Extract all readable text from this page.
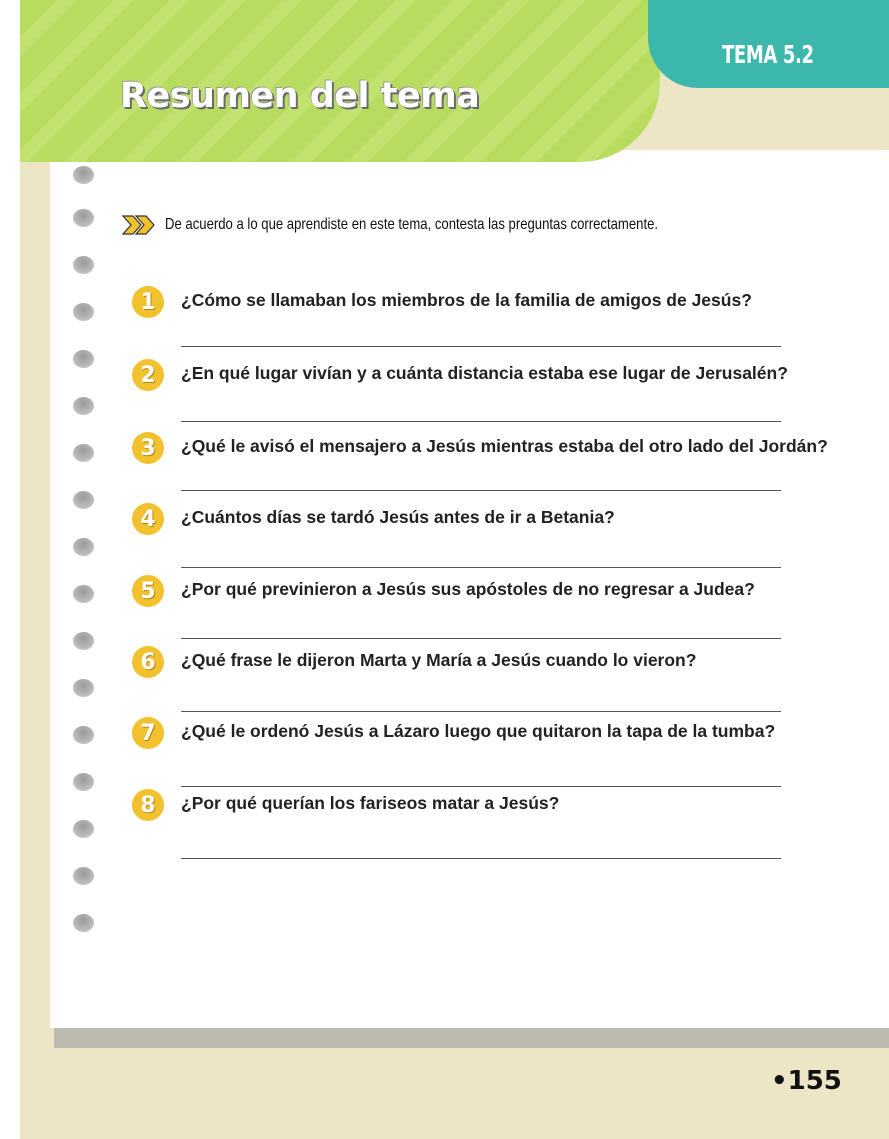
TEMA 5.2
Resumen del tema
De acuerdo a lo que aprendiste en este tema, contesta las preguntas correctamente.
1	¿Cómo se llamaban los miembros de la familia de amigos de Jesús?
2	¿En qué lugar vivían y a cuánta distancia estaba ese lugar de Jerusalén?
3	¿Qué le avisó el mensajero a Jesús mientras estaba del otro lado del Jordán?
4	¿Cuántos días se tardó Jesús antes de ir a Betania?
5	¿Por qué previnieron a Jesús sus apóstoles de no regresar a Judea?
6	¿Qué frase le dijeron Marta y María a Jesús cuando lo vieron?
7	¿Qué le ordenó Jesús a Lázaro luego que quitaron la tapa de la tumba?
8	¿Por qué querían los fariseos matar a Jesús?
•155
